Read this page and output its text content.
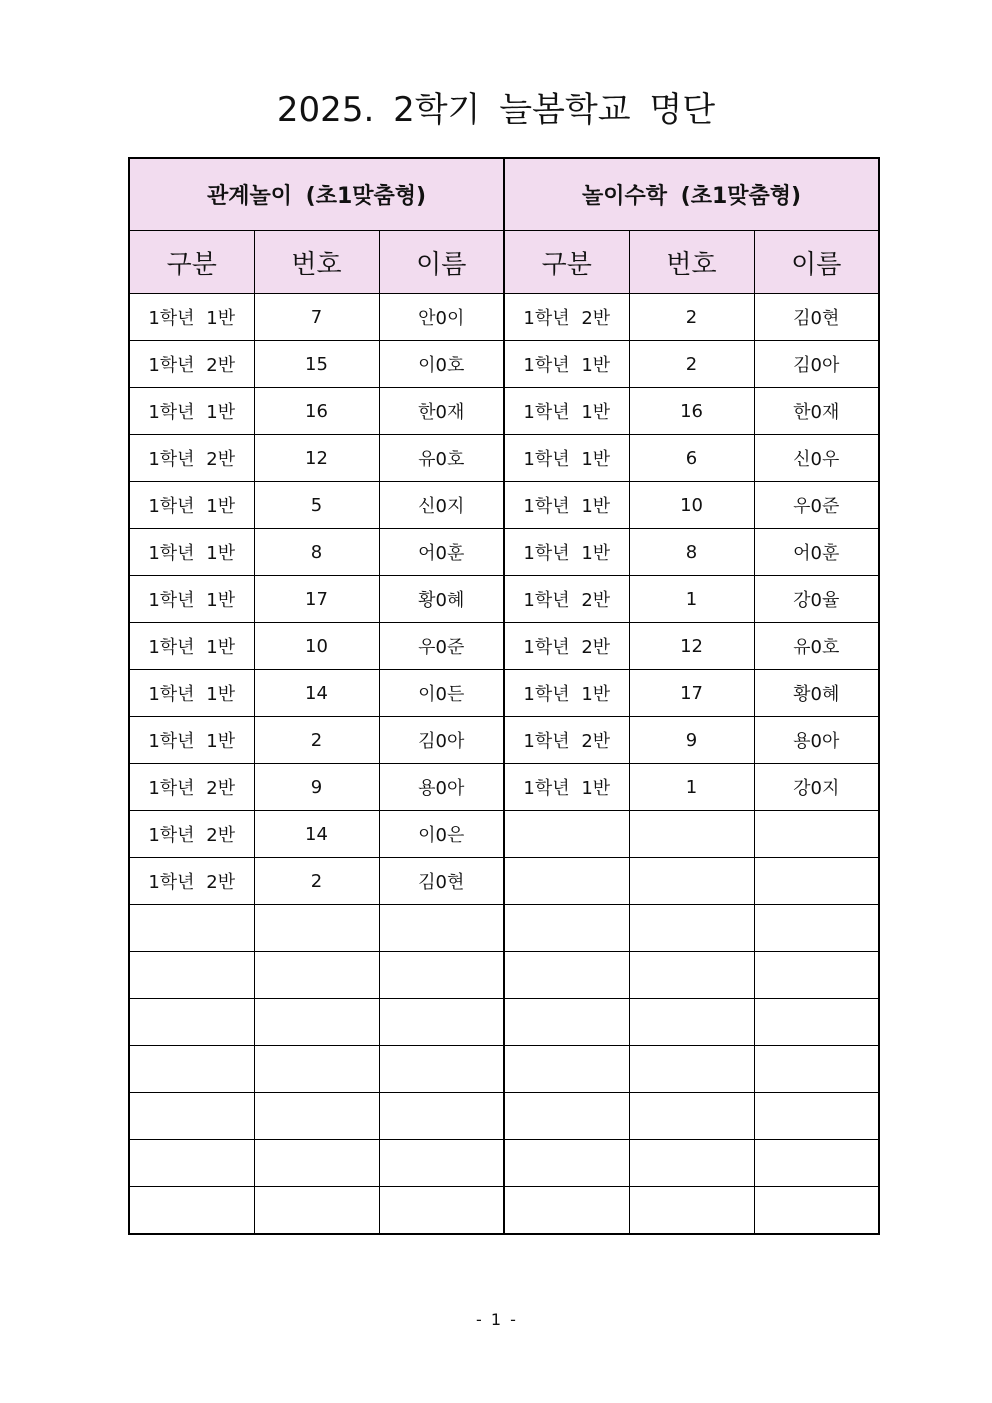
2025. 2학기 늘봄학교 명단
관계놀이 (초1맞춤형)			놀이수학 (초1맞춤형)		
구분	번호	이름	구분	번호	이름
1학년 1반	7	안0이	1학년 2반	2	김0현
1학년 2반	15	이0호	1학년 1반	2	김0아
1학년 1반	16	한0재	1학년 1반	16	한0재
1학년 2반	12	유0호	1학년 1반	6	신0우
1학년 1반	5	신0지	1학년 1반	10	우0준
1학년 1반	8	어0훈	1학년 1반	8	어0훈
1학년 1반	17	황0혜	1학년 2반	1	강0율
1학년 1반	10	우0준	1학년 2반	12	유0호
1학년 1반	14	이0든	1학년 1반	17	황0혜
1학년 1반	2	김0아	1학년 2반	9	용0아
1학년 2반	9	용0아	1학년 1반	1	강0지
1학년 2반	14	이0은			
1학년 2반	2	김0현			

- 1 -
